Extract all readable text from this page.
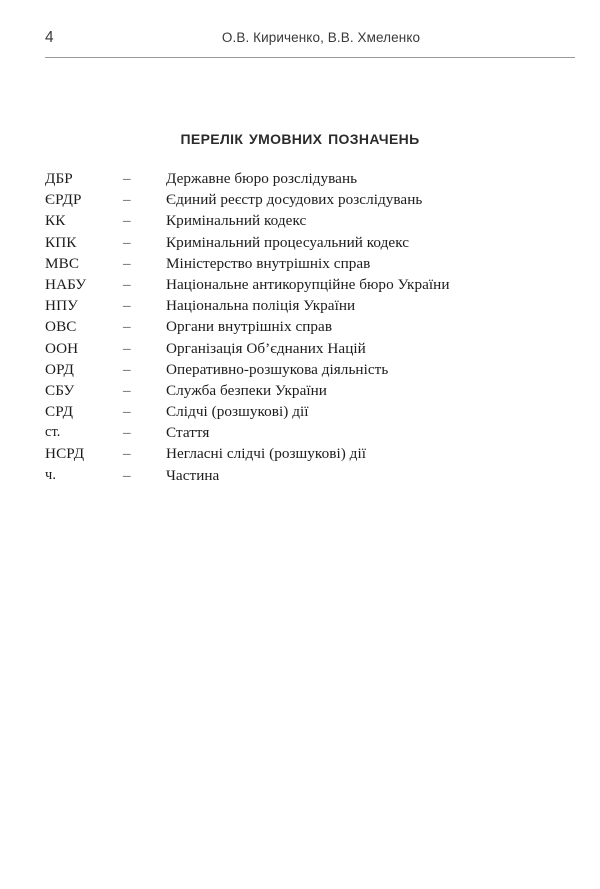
4	О.В. Кириченко, В.В. Хмеленко
перелік умовних позначень
ДБР	–	Державне бюро розслідувань
ЄРДР	–	Єдиний реєстр досудових розслідувань
КК	–	Кримінальний кодекс
КПК	–	Кримінальний процесуальний кодекс
МВС	–	Міністерство внутрішніх справ
НАБУ	–	Національне антикорупційне бюро України
НПУ	–	Національна поліція України
ОВС	–	Органи внутрішніх справ
ООН	–	Організація Об’єднаних Націй
ОРД	–	Оперативно-розшукова діяльність
СБУ	–	Служба безпеки України
СРД	–	Слідчі (розшукові) дії
ст.	–	Стаття
НСРД	–	Негласні слідчі (розшукові) дії
ч.	–	Частина
